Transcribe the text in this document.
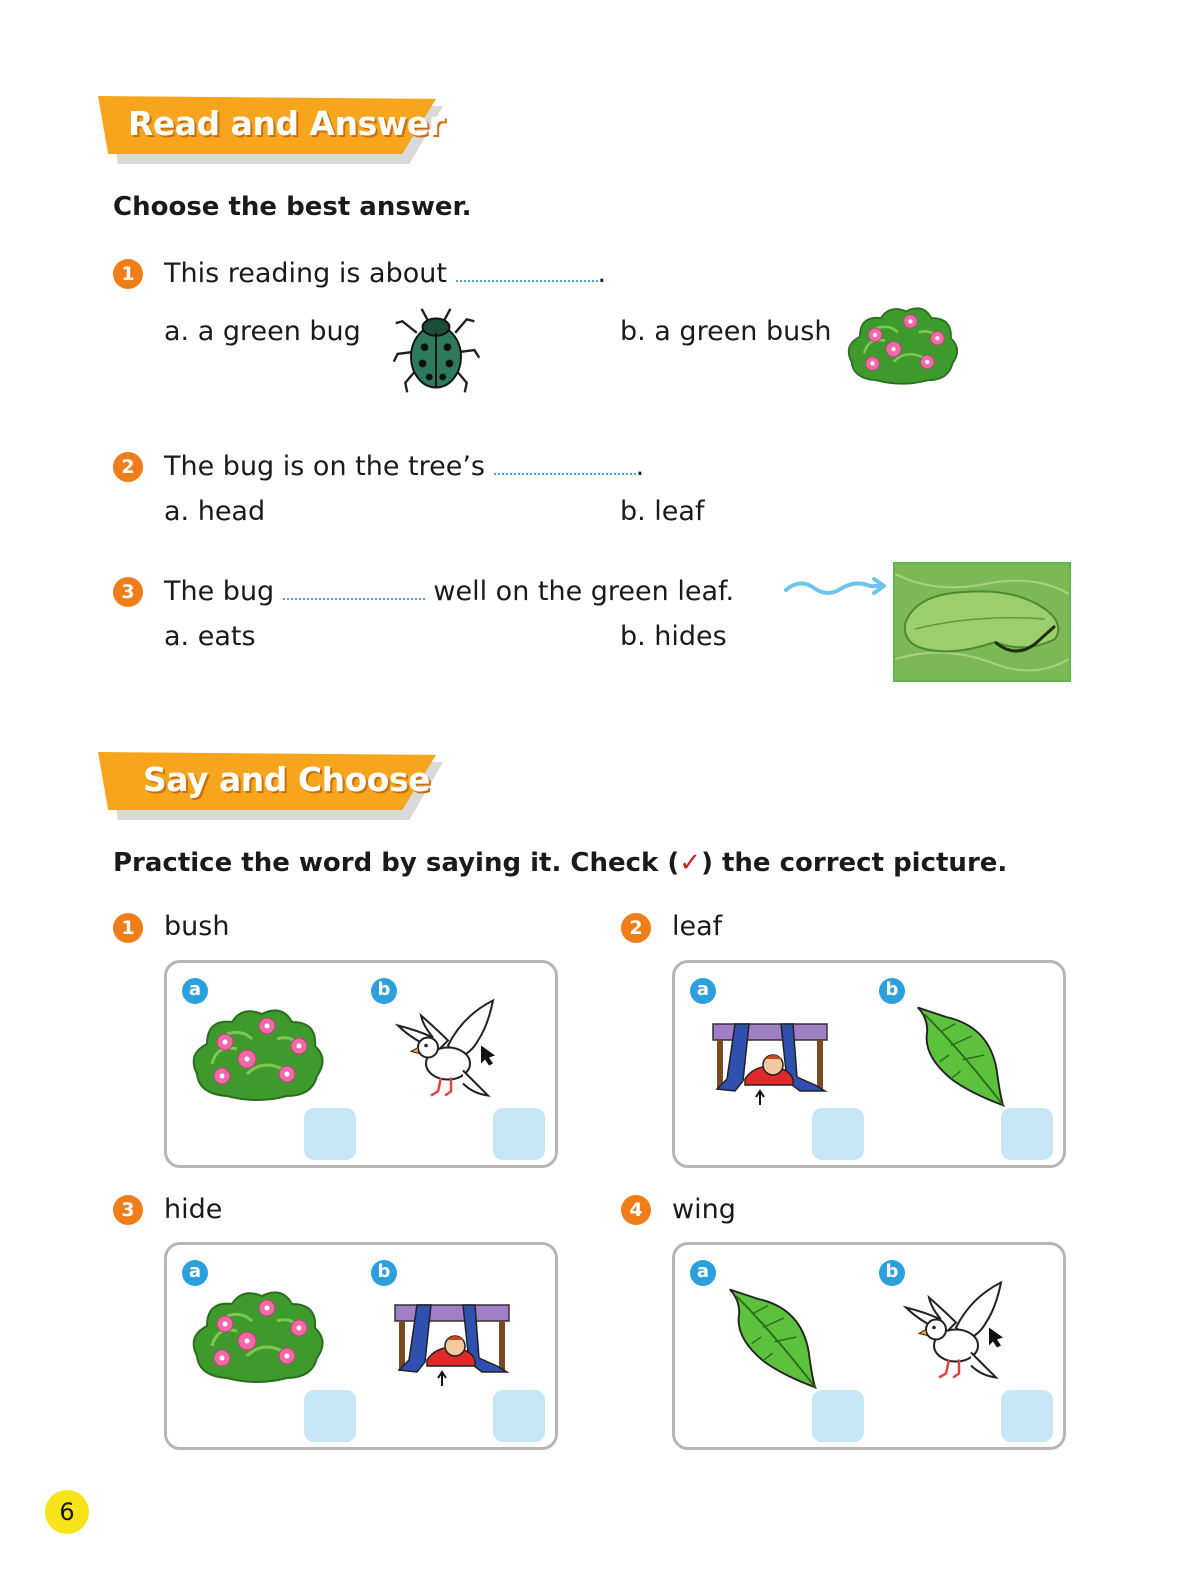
Read and Answer
Choose the best answer.
1	This reading is about	.
a. a green bug	b. a green bush
2	The bug is on the tree’s	.
a. head	b. leaf
3	The bug	well on the green leaf.
a. eats	b. hides
Say and Choose
Practice the word by saying it. Check (✓) the correct picture.
1	bush
a	b
2	leaf
a	b
3	hide
a	b
4	wing
a	b
6
